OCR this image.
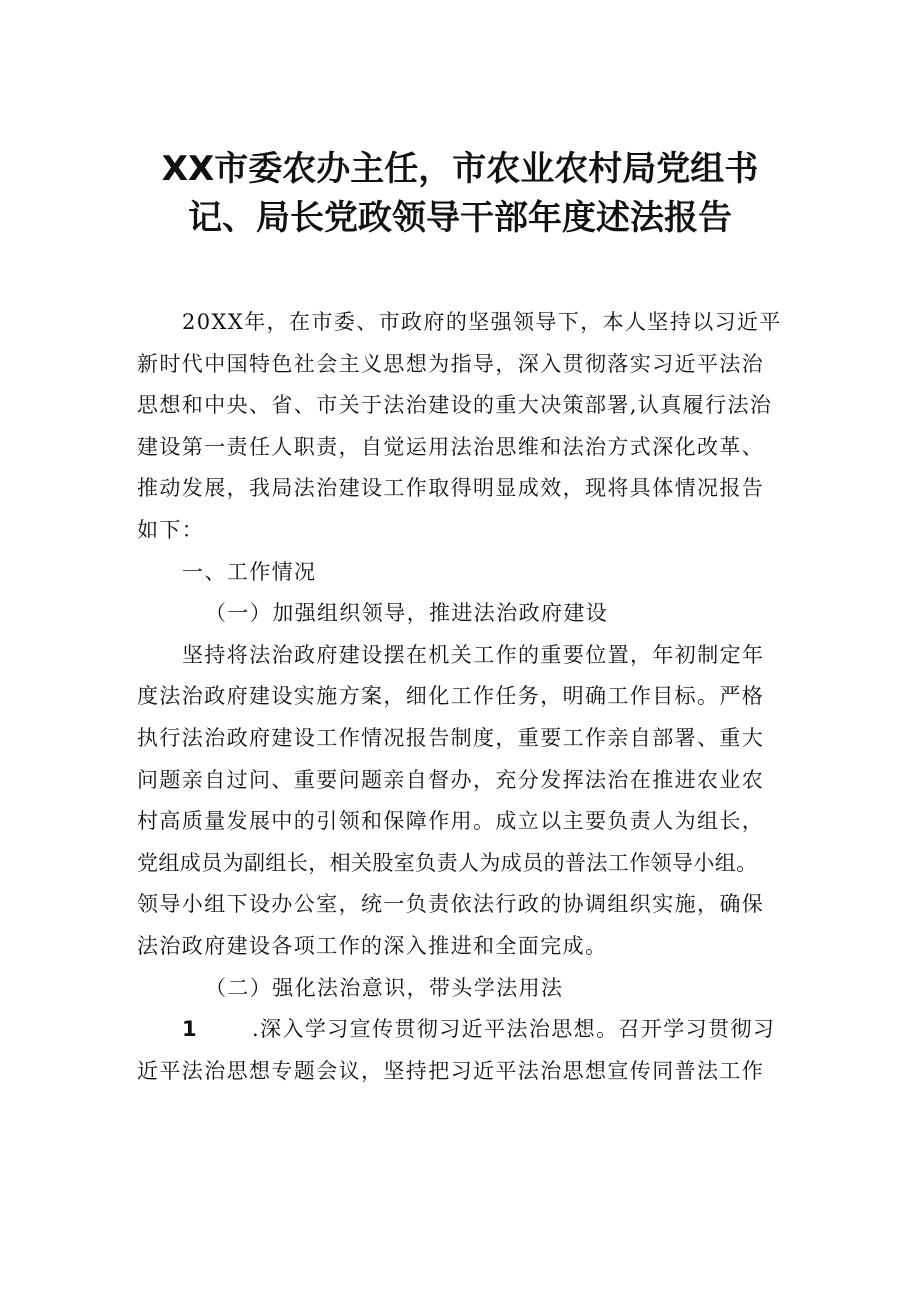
XX市委农办主任，市农业农村局党组书
记、局长党政领导干部年度述法报告

20XX年，在市委、市政府的坚强领导下，本人坚持以习近平
新时代中国特色社会主义思想为指导，深入贯彻落实习近平法治
思想和中央、省、市关于法治建设的重大决策部署,认真履行法治
建设第一责任人职责，自觉运用法治思维和法治方式深化改革、
推动发展，我局法治建设工作取得明显成效，现将具体情况报告
如下：

一、工作情况

（一）加强组织领导，推进法治政府建设

坚持将法治政府建设摆在机关工作的重要位置，年初制定年
度法治政府建设实施方案，细化工作任务，明确工作目标。严格
执行法治政府建设工作情况报告制度，重要工作亲自部署、重大
问题亲自过问、重要问题亲自督办，充分发挥法治在推进农业农
村高质量发展中的引领和保障作用。成立以主要负责人为组长，
党组成员为副组长，相关股室负责人为成员的普法工作领导小组。
领导小组下设办公室，统一负责依法行政的协调组织实施，确保
法治政府建设各项工作的深入推进和全面完成。

（二）强化法治意识，带头学法用法

1	.深入学习宣传贯彻习近平法治思想。召开学习贯彻习
近平法治思想专题会议，坚持把习近平法治思想宣传同普法工作
